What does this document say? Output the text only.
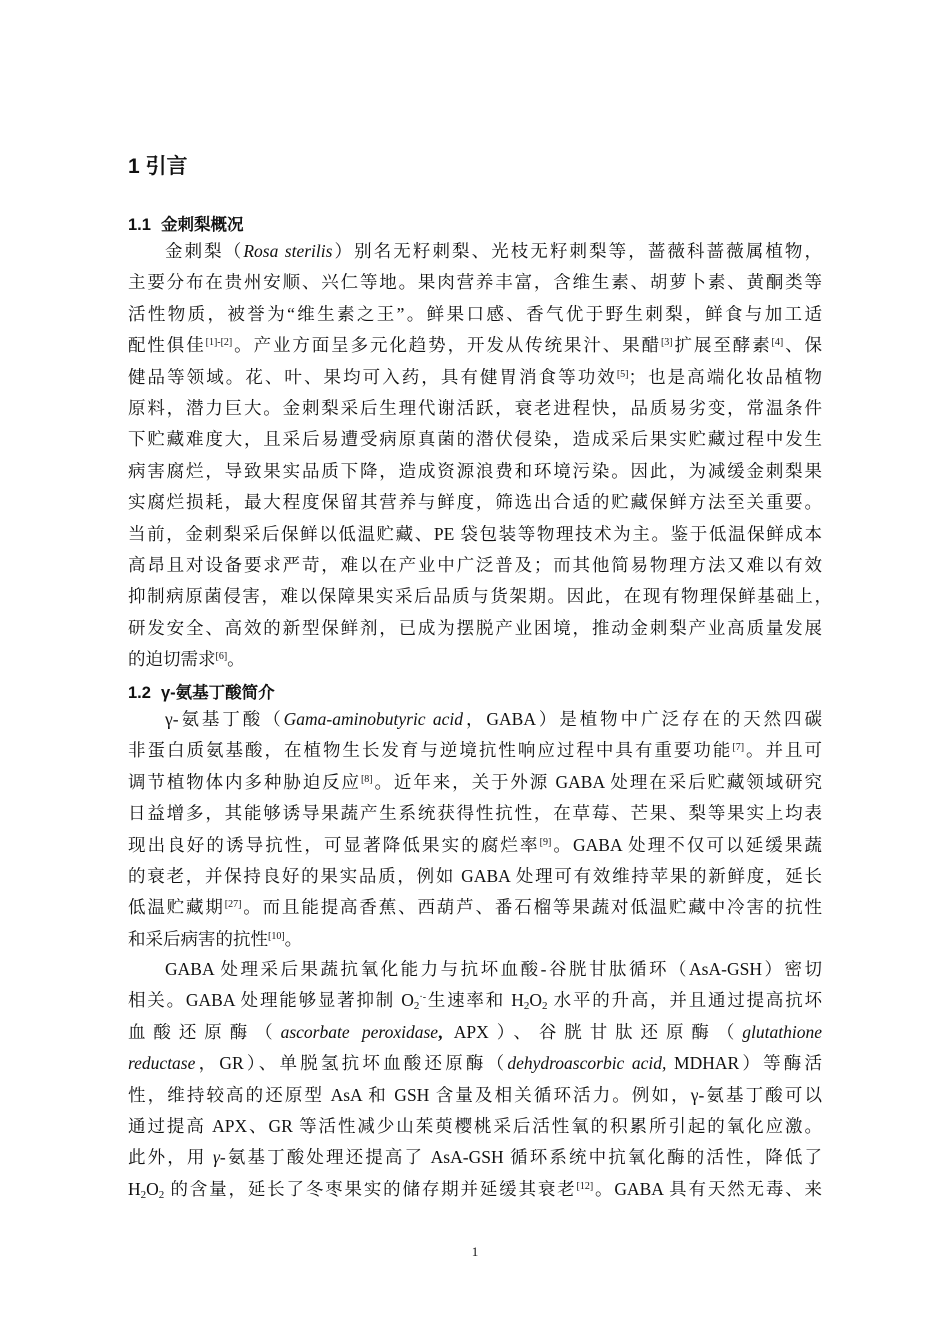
1 引言
1.1 金刺梨概况
金刺梨（Rosa sterilis）别名无籽刺梨、光枝无籽刺梨等，蔷薇科蔷薇属植物，
主要分布在贵州安顺、兴仁等地。果肉营养丰富，含维生素、胡萝卜素、黄酮类等
活性物质，被誉为“维生素之王”。鲜果口感、香气优于野生刺梨，鲜食与加工适
配性俱佳[1]-[2]。产业方面呈多元化趋势，开发从传统果汁、果醋[3]扩展至酵素[4]、保
健品等领域。花、叶、果均可入药，具有健胃消食等功效[5]；也是高端化妆品植物
原料，潜力巨大。金刺梨采后生理代谢活跃，衰老进程快，品质易劣变，常温条件
下贮藏难度大，且采后易遭受病原真菌的潜伏侵染，造成采后果实贮藏过程中发生
病害腐烂，导致果实品质下降，造成资源浪费和环境污染。因此，为减缓金刺梨果
实腐烂损耗，最大程度保留其营养与鲜度，筛选出合适的贮藏保鲜方法至关重要。
当前，金刺梨采后保鲜以低温贮藏、PE 袋包装等物理技术为主。鉴于低温保鲜成本
高昂且对设备要求严苛，难以在产业中广泛普及；而其他简易物理方法又难以有效
抑制病原菌侵害，难以保障果实采后品质与货架期。因此，在现有物理保鲜基础上，
研发安全、高效的新型保鲜剂，已成为摆脱产业困境，推动金刺梨产业高质量发展
的迫切需求[6]。
1.2 γ-氨基丁酸简介
γ-氨基丁酸（Gama-aminobutyric acid，GABA）是植物中广泛存在的天然四碳
非蛋白质氨基酸，在植物生长发育与逆境抗性响应过程中具有重要功能[7]。并且可
调节植物体内多种胁迫反应[8]。近年来，关于外源 GABA 处理在采后贮藏领域研究
日益增多，其能够诱导果蔬产生系统获得性抗性，在草莓、芒果、梨等果实上均表
现出良好的诱导抗性，可显著降低果实的腐烂率[9]。GABA 处理不仅可以延缓果蔬
的衰老，并保持良好的果实品质，例如 GABA 处理可有效维持苹果的新鲜度，延长
低温贮藏期[27]。而且能提高香蕉、西葫芦、番石榴等果蔬对低温贮藏中冷害的抗性
和采后病害的抗性[10]。
GABA 处理采后果蔬抗氧化能力与抗坏血酸-谷胱甘肽循环（AsA-GSH）密切
相关。GABA 处理能够显著抑制 $O_2^{\cdot-}$生速率和 $H_2O_2$ 水平的升高，并且通过提高抗坏
血酸还原酶（ascorbate peroxidase, APX）、谷胱甘肽还原酶（glutathione
reductase，GR）、单脱氢抗坏血酸还原酶（dehydroascorbic acid, MDHAR）等酶活
性，维持较高的还原型 AsA 和 GSH 含量及相关循环活力。例如，γ-氨基丁酸可以
通过提高 APX、GR 等活性减少山茱萸樱桃采后活性氧的积累所引起的氧化应激。
此外，用 γ-氨基丁酸处理还提高了 AsA-GSH 循环系统中抗氧化酶的活性，降低了
$H_2O_2$ 的含量，延长了冬枣果实的储存期并延缓其衰老[12]。GABA 具有天然无毒、来
1
